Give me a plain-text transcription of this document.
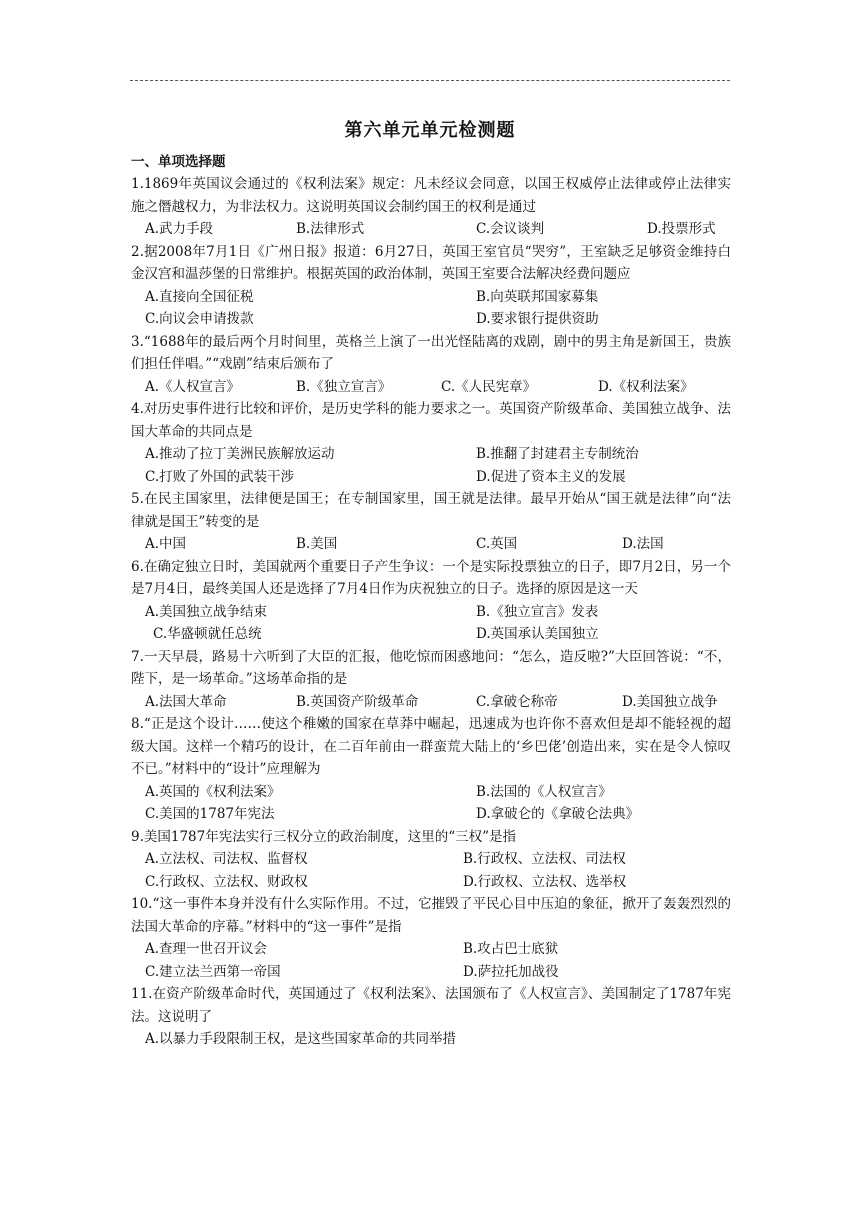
第六单元单元检测题
一、单项选择题

1.1869年英国议会通过的《权利法案》规定：凡未经议会同意，以国王权威停止法律或停止法律实施之僭越权力，为非法权力。这说明英国议会制约国王的权利是通过

A.武力手段	B.法律形式	C.会议谈判	D.投票形式

2.据2008年7月1日《广州日报》报道：6月27日，英国王室官员“哭穷”，王室缺乏足够资金维持白金汉宫和温莎堡的日常维护。根据英国的政治体制，英国王室要合法解决经费问题应

A.直接向全国征税	B.向英联邦国家募集
C.向议会申请拨款	D.要求银行提供资助

3.“1688年的最后两个月时间里，英格兰上演了一出光怪陆离的戏剧，剧中的男主角是新国王，贵族们担任伴唱。”“戏剧”结束后颁布了

A.《人权宣言》	B.《独立宣言》	C.《人民宪章》	D.《权利法案》

4.对历史事件进行比较和评价，是历史学科的能力要求之一。英国资产阶级革命、美国独立战争、法国大革命的共同点是

A.推动了拉丁美洲民族解放运动	B.推翻了封建君主专制统治
C.打败了外国的武装干涉	D.促进了资本主义的发展

5.在民主国家里，法律便是国王；在专制国家里，国王就是法律。最早开始从“国王就是法律”向“法律就是国王”转变的是

A.中国	B.美国	C.英国	D.法国

6.在确定独立日时，美国就两个重要日子产生争议：一个是实际投票独立的日子，即7月2日，另一个是7月4日，最终美国人还是选择了7月4日作为庆祝独立的日子。选择的原因是这一天

A.美国独立战争结束	B.《独立宣言》发表
C.华盛顿就任总统	D.英国承认美国独立

7.一天早晨，路易十六听到了大臣的汇报，他吃惊而困惑地问：“怎么，造反啦?”大臣回答说：“不，陛下，是一场革命。”这场革命指的是

A.法国大革命	B.英国资产阶级革命	C.拿破仑称帝	D.美国独立战争

8.“正是这个设计……使这个稚嫩的国家在草莽中崛起，迅速成为也许你不喜欢但是却不能轻视的超级大国。这样一个精巧的设计，在二百年前由一群蛮荒大陆上的‘乡巴佬’创造出来，实在是令人惊叹不已。”材料中的“设计”应理解为

A.英国的《权利法案》	B.法国的《人权宣言》
C.美国的1787年宪法	D.拿破仑的《拿破仑法典》

9.美国1787年宪法实行三权分立的政治制度，这里的“三权”是指

A.立法权、司法权、监督权	B.行政权、立法权、司法权
C.行政权、立法权、财政权	D.行政权、立法权、选举权

10.“这一事件本身并没有什么实际作用。不过，它摧毁了平民心目中压迫的象征，掀开了轰轰烈烈的法国大革命的序幕。”材料中的“这一事件”是指

A.查理一世召开议会	B.攻占巴士底狱
C.建立法兰西第一帝国	D.萨拉托加战役

11.在资产阶级革命时代，英国通过了《权利法案》、法国颁布了《人权宣言》、美国制定了1787年宪法。这说明了

A.以暴力手段限制王权，是这些国家革命的共同举措
